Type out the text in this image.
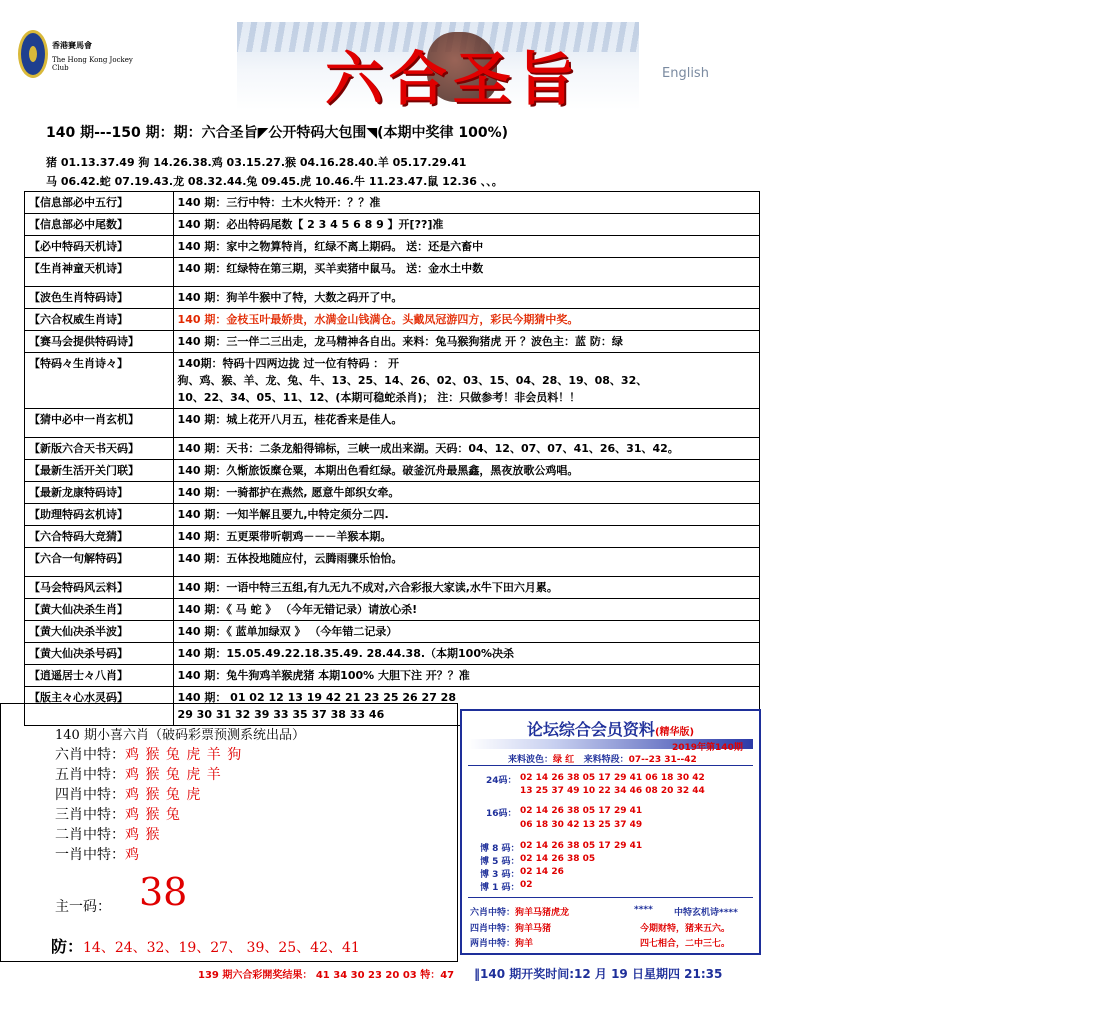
香港賽馬會
The Hong Kong Jockey Club	六合圣旨	English
140 期---150 期：期：六合圣旨◤公开特码大包围◥(本期中奖律 100%)
猪 01.13.37.49 狗 14.26.38.鸡 03.15.27.猴 04.16.28.40.羊 05.17.29.41
马 06.42.蛇 07.19.43.龙 08.32.44.兔 09.45.虎 10.46.牛 11.23.47.鼠 12.36 、、。
【信息部必中五行】	140 期：三行中特：土木火特开：？？准
【信息部必中尾数】	140 期：必出特码尾数【 2 3 4 5 6 8 9 】开[??]准
【必中特码天机诗】	140 期：家中之物算特肖，红绿不离上期码。 送：还是六畜中
【生肖神童天机诗】	140 期：红绿特在第三期，买羊卖猪中鼠马。 送：金水土中数
【波色生肖特码诗】	140 期：狗羊牛猴中了特，大数之码开了中。
【六合权威生肖诗】	140 期：金枝玉叶最娇贵，水满金山钱满仓。头戴凤冠游四方，彩民今期猜中奖。
【赛马会提供特码诗】	140 期：三一伴二三出走，龙马精神各自出。来料：兔马猴狗猪虎 开 ？波色主：蓝 防：绿
【特码々生肖诗々】	140期：特码十四两边拢 过一位有特码 ： 开
狗、鸡、猴、羊、龙、兔、牛、13、25、14、26、02、03、15、04、28、19、08、32、
10、22、34、05、11、12、(本期可稳蛇杀肖)； 注：只做参考！非会员料！！

【猜中必中一肖玄机】	140 期：城上花开八月五，桂花香来是佳人。
【新版六合天书天码】	140 期：天书：二条龙船得锦标，三峡一成出来湖。天码：04、12、07、07、41、26、31、42。
【最新生活开关门联】	140 期：久惭旅饭糜仓粟，本期出色看红绿。破釜沉舟最黑鑫，黑夜放歌公鸡唱。
【最新龙康特码诗】	140 期：一骑都护在燕然, 愿意牛郎织女牵。
【助理特码玄机诗】	140 期：一知半解且要九,中特定须分二四.
【六合特码大竞猜】	140 期：五更栗带听朝鸡－－－羊猴本期。
【六合一句解特码】	140 期：五体投地随应付，云腾雨骤乐怡怡。
【马会特码风云料】	140 期：一语中特三五组,有九无九不成对,六合彩报大家读,水牛下田六月累。
【黄大仙决杀生肖】	140 期：《 马 蛇 》 （今年无错记录）请放心杀!
【黄大仙决杀半波】	140 期：《 蓝单加绿双 》 （今年错二记录）
【黄大仙决杀号码】	140 期：15.05.49.22.18.35.49. 28.44.38.（本期100%决杀
【逍遥居士々八肖】	140 期：兔牛狗鸡羊猴虎猪 本期100% 大胆下注 开？？准
【版主々心水灵码】	140 期： 01 02 12 13 19 42 21 23 25 26 27 28
29 30 31 32 39 33 35 37 38 33 46
140 期小喜六肖（破码彩票预测系统出品）
六肖中特：鸡 猴 兔 虎 羊 狗
五肖中特：鸡 猴 兔 虎 羊
四肖中特：鸡 猴 兔 虎
三肖中特：鸡 猴 兔
二肖中特：鸡 猴
一肖中特：鸡
主一码： 38
防：14、24、32、19、27、 39、25、42、41
论坛综合会员资料(精华版)
2019年第140期
来料波色：绿 红 来料特段：07--23 31--42
24码： 02 14 26 38 05 17 29 41 06 18 30 42
13 25 37 49 10 22 34 46 08 20 32 44
16码： 02 14 26 38 05 17 29 41
06 18 30 42 13 25 37 49
博 8 码： 02 14 26 38 05 17 29 41
博 5 码： 02 14 26 38 05
博 3 码： 02 14 26
博 1 码： 02
六肖中特：狗羊马猪虎龙	**** 中特玄机诗****
四肖中特：狗羊马猪	今期财特，猪来五六。
两肖中特：狗羊	四七相合，二中三七。
139 期六合彩開奖结果： 41 34 30 23 20 03 特：47 ‖140 期开奖时间:12 月 19 日星期四 21:35
